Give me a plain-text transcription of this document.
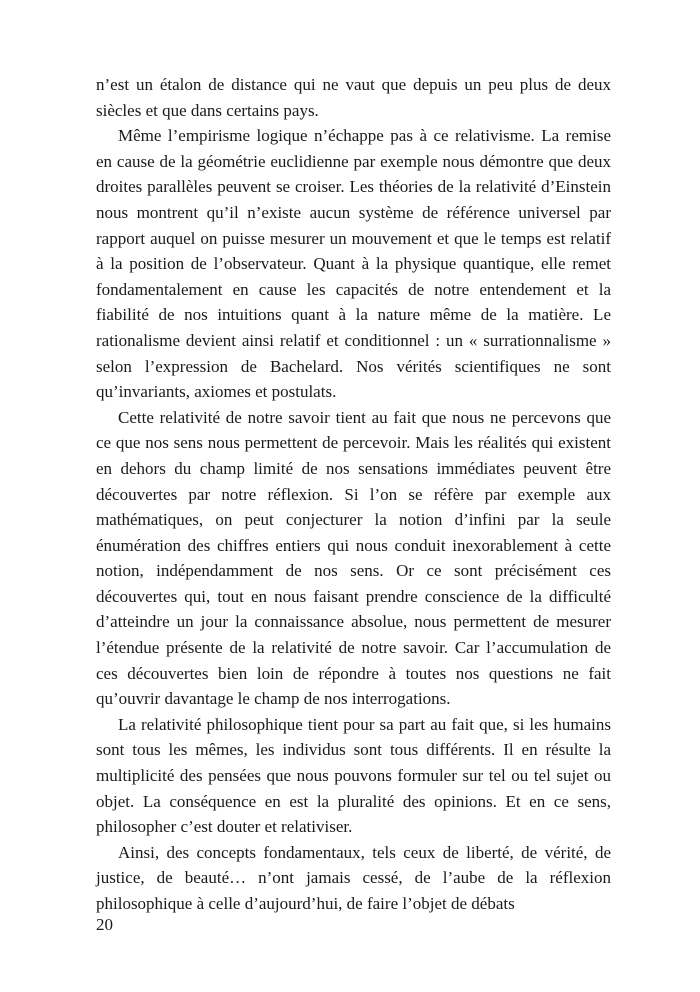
n’est un étalon de distance qui ne vaut que depuis un peu plus de deux siècles et que dans certains pays.

Même l’empirisme logique n’échappe pas à ce relativisme. La remise en cause de la géométrie euclidienne par exemple nous démontre que deux droites parallèles peuvent se croiser. Les théories de la relativité d’Einstein nous montrent qu’il n’existe aucun système de référence universel par rapport auquel on puisse mesurer un mouvement et que le temps est relatif à la position de l’observateur. Quant à la physique quantique, elle remet fondamentalement en cause les capacités de notre entendement et la fiabilité de nos intuitions quant à la nature même de la matière. Le rationalisme devient ainsi relatif et conditionnel : un « surrationnalisme » selon l’expression de Bachelard. Nos vérités scientifiques ne sont qu’invariants, axiomes et postulats.

Cette relativité de notre savoir tient au fait que nous ne percevons que ce que nos sens nous permettent de percevoir. Mais les réalités qui existent en dehors du champ limité de nos sensations immédiates peuvent être découvertes par notre réflexion. Si l’on se réfère par exemple aux mathématiques, on peut conjecturer la notion d’infini par la seule énumération des chiffres entiers qui nous conduit inexorablement à cette notion, indépendamment de nos sens. Or ce sont précisément ces découvertes qui, tout en nous faisant prendre conscience de la difficulté d’atteindre un jour la connaissance absolue, nous permettent de mesurer l’étendue présente de la relativité de notre savoir. Car l’accumulation de ces découvertes bien loin de répondre à toutes nos questions ne fait qu’ouvrir davantage le champ de nos interrogations.

La relativité philosophique tient pour sa part au fait que, si les humains sont tous les mêmes, les individus sont tous différents. Il en résulte la multiplicité des pensées que nous pouvons formuler sur tel ou tel sujet ou objet. La conséquence en est la pluralité des opinions. Et en ce sens, philosopher c’est douter et relativiser.

Ainsi, des concepts fondamentaux, tels ceux de liberté, de vérité, de justice, de beauté… n’ont jamais cessé, de l’aube de la réflexion philosophique à celle d’aujourd’hui, de faire l’objet de débats

20
